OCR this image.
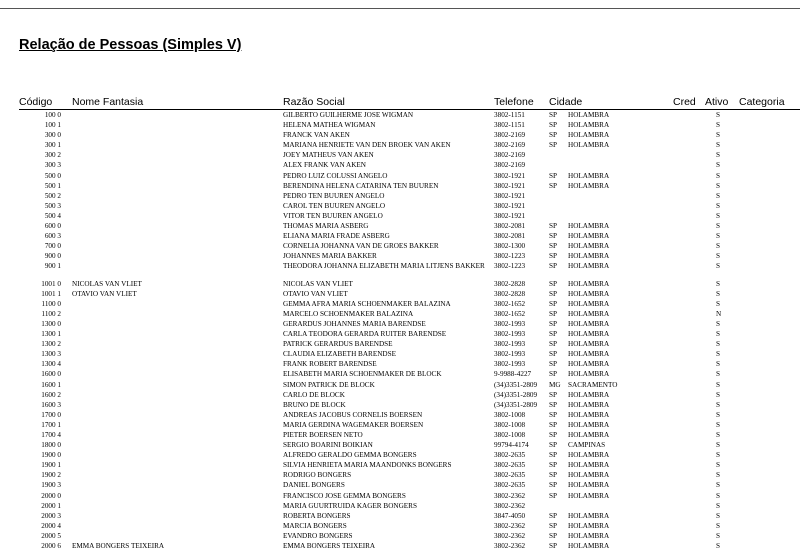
Relação de Pessoas (Simples V)
Código Nome Fantasia	Razão Social	Telefone Cidade	Cred Ativo Categoria
100 0	GILBERTO GUILHERME JOSE WIGMAN	3802-1151	SP HOLAMBRA	S
100 1	HELENA MATHEA WIGMAN	3802-1151	SP HOLAMBRA	S
300 0	FRANCK VAN AKEN	3802-2169	SP HOLAMBRA	S
300 1	MARIANA HENRIETE VAN DEN BROEK VAN AKEN	3802-2169	SP HOLAMBRA	S
300 2	JOEY MATHEUS VAN AKEN	3802-2169	S
300 3	ALEX FRANK VAN AKEN	3802-2169	S
500 0	PEDRO LUIZ COLUSSI ANGELO	3802-1921	SP HOLAMBRA	S
500 1	BERENDINA HELENA CATARINA TEN BUUREN	3802-1921	SP HOLAMBRA	S
500 2	PEDRO TEN BUUREN ANGELO	3802-1921	S
500 3	CAROL TEN BUUREN ANGELO	3802-1921	S
500 4	VITOR TEN BUUREN ANGELO	3802-1921	S
600 0	THOMAS MARIA ASBERG	3802-2081	SP HOLAMBRA	S
600 3	ELIANA MARIA FRADE ASBERG	3802-2081	SP HOLAMBRA	S
700 0	CORNELIA JOHANNA VAN DE GROES BAKKER	3802-1300	SP HOLAMBRA	S
900 0	JOHANNES MARIA BAKKER	3802-1223	SP HOLAMBRA	S
900 1	THEODORA JOHANNA ELIZABETH MARIA LITJENS BAKKER	3802-1223	SP HOLAMBRA	S
1001 0 NICOLAS VAN VLIET	NICOLAS VAN VLIET	3802-2828	SP HOLAMBRA	S
1001 1 OTAVIO VAN VLIET	OTAVIO VAN VLIET	3802-2828	SP HOLAMBRA	S
1100 0	GEMMA AFRA MARIA SCHOENMAKER BALAZINA	3802-1652	SP HOLAMBRA	S
1100 2	MARCELO SCHOENMAKER BALAZINA	3802-1652	SP HOLAMBRA	N
1300 0	GERARDUS JOHANNES MARIA BARENDSE	3802-1993	SP HOLAMBRA	S
1300 1	CARLA TEODORA GERARDA RUITER BARENDSE	3802-1993	SP HOLAMBRA	S
1300 2	PATRICK GERARDUS BARENDSE	3802-1993	SP HOLAMBRA	S
1300 3	CLAUDIA ELIZABETH BARENDSE	3802-1993	SP HOLAMBRA	S
1300 4	FRANK ROBERT BARENDSE	3802-1993	SP HOLAMBRA	S
1600 0	ELISABETH MARIA SCHOENMAKER DE BLOCK	9-9988-4227 SP HOLAMBRA	S
1600 1	SIMON PATRICK DE BLOCK	(34)3351-2809 MG SACRAMENTO	S
1600 2	CARLO DE BLOCK	(34)3351-2809 SP HOLAMBRA	S
1600 3	BRUNO DE BLOCK	(34)3351-2809 SP HOLAMBRA	S
1700 0	ANDREAS JACOBUS CORNELIS BOERSEN	3802-1008	SP HOLAMBRA	S
1700 1	MARIA GERDINA WAGEMAKER BOERSEN	3802-1008	SP HOLAMBRA	S
1700 4	PIETER BOERSEN NETO	3802-1008	SP HOLAMBRA	S
1800 0	SERGIO BOARINI BOIKIAN	99794-4174	SP CAMPINAS	S
1900 0	ALFREDO GERALDO GEMMA BONGERS	3802-2635	SP HOLAMBRA	S
1900 1	SILVIA HENRIETA MARIA MAANDONKS BONGERS	3802-2635	SP HOLAMBRA	S
1900 2	RODRIGO BONGERS	3802-2635	SP HOLAMBRA	S
1900 3	DANIEL BONGERS	3802-2635	SP HOLAMBRA	S
2000 0	FRANCISCO JOSE GEMMA BONGERS	3802-2362	SP HOLAMBRA	S
2000 1	MARIA GUURTRUIDA KAGER BONGERS	3802-2362	S
2000 3	ROBERTA BONGERS	3847-4050	SP HOLAMBRA	S
2000 4	MARCIA BONGERS	3802-2362	SP HOLAMBRA	S
2000 5	EVANDRO BONGERS	3802-2362	SP HOLAMBRA	S
2000 6 EMMA BONGERS TEIXEIRA	EMMA BONGERS TEIXEIRA	3802-2362	SP HOLAMBRA	S
